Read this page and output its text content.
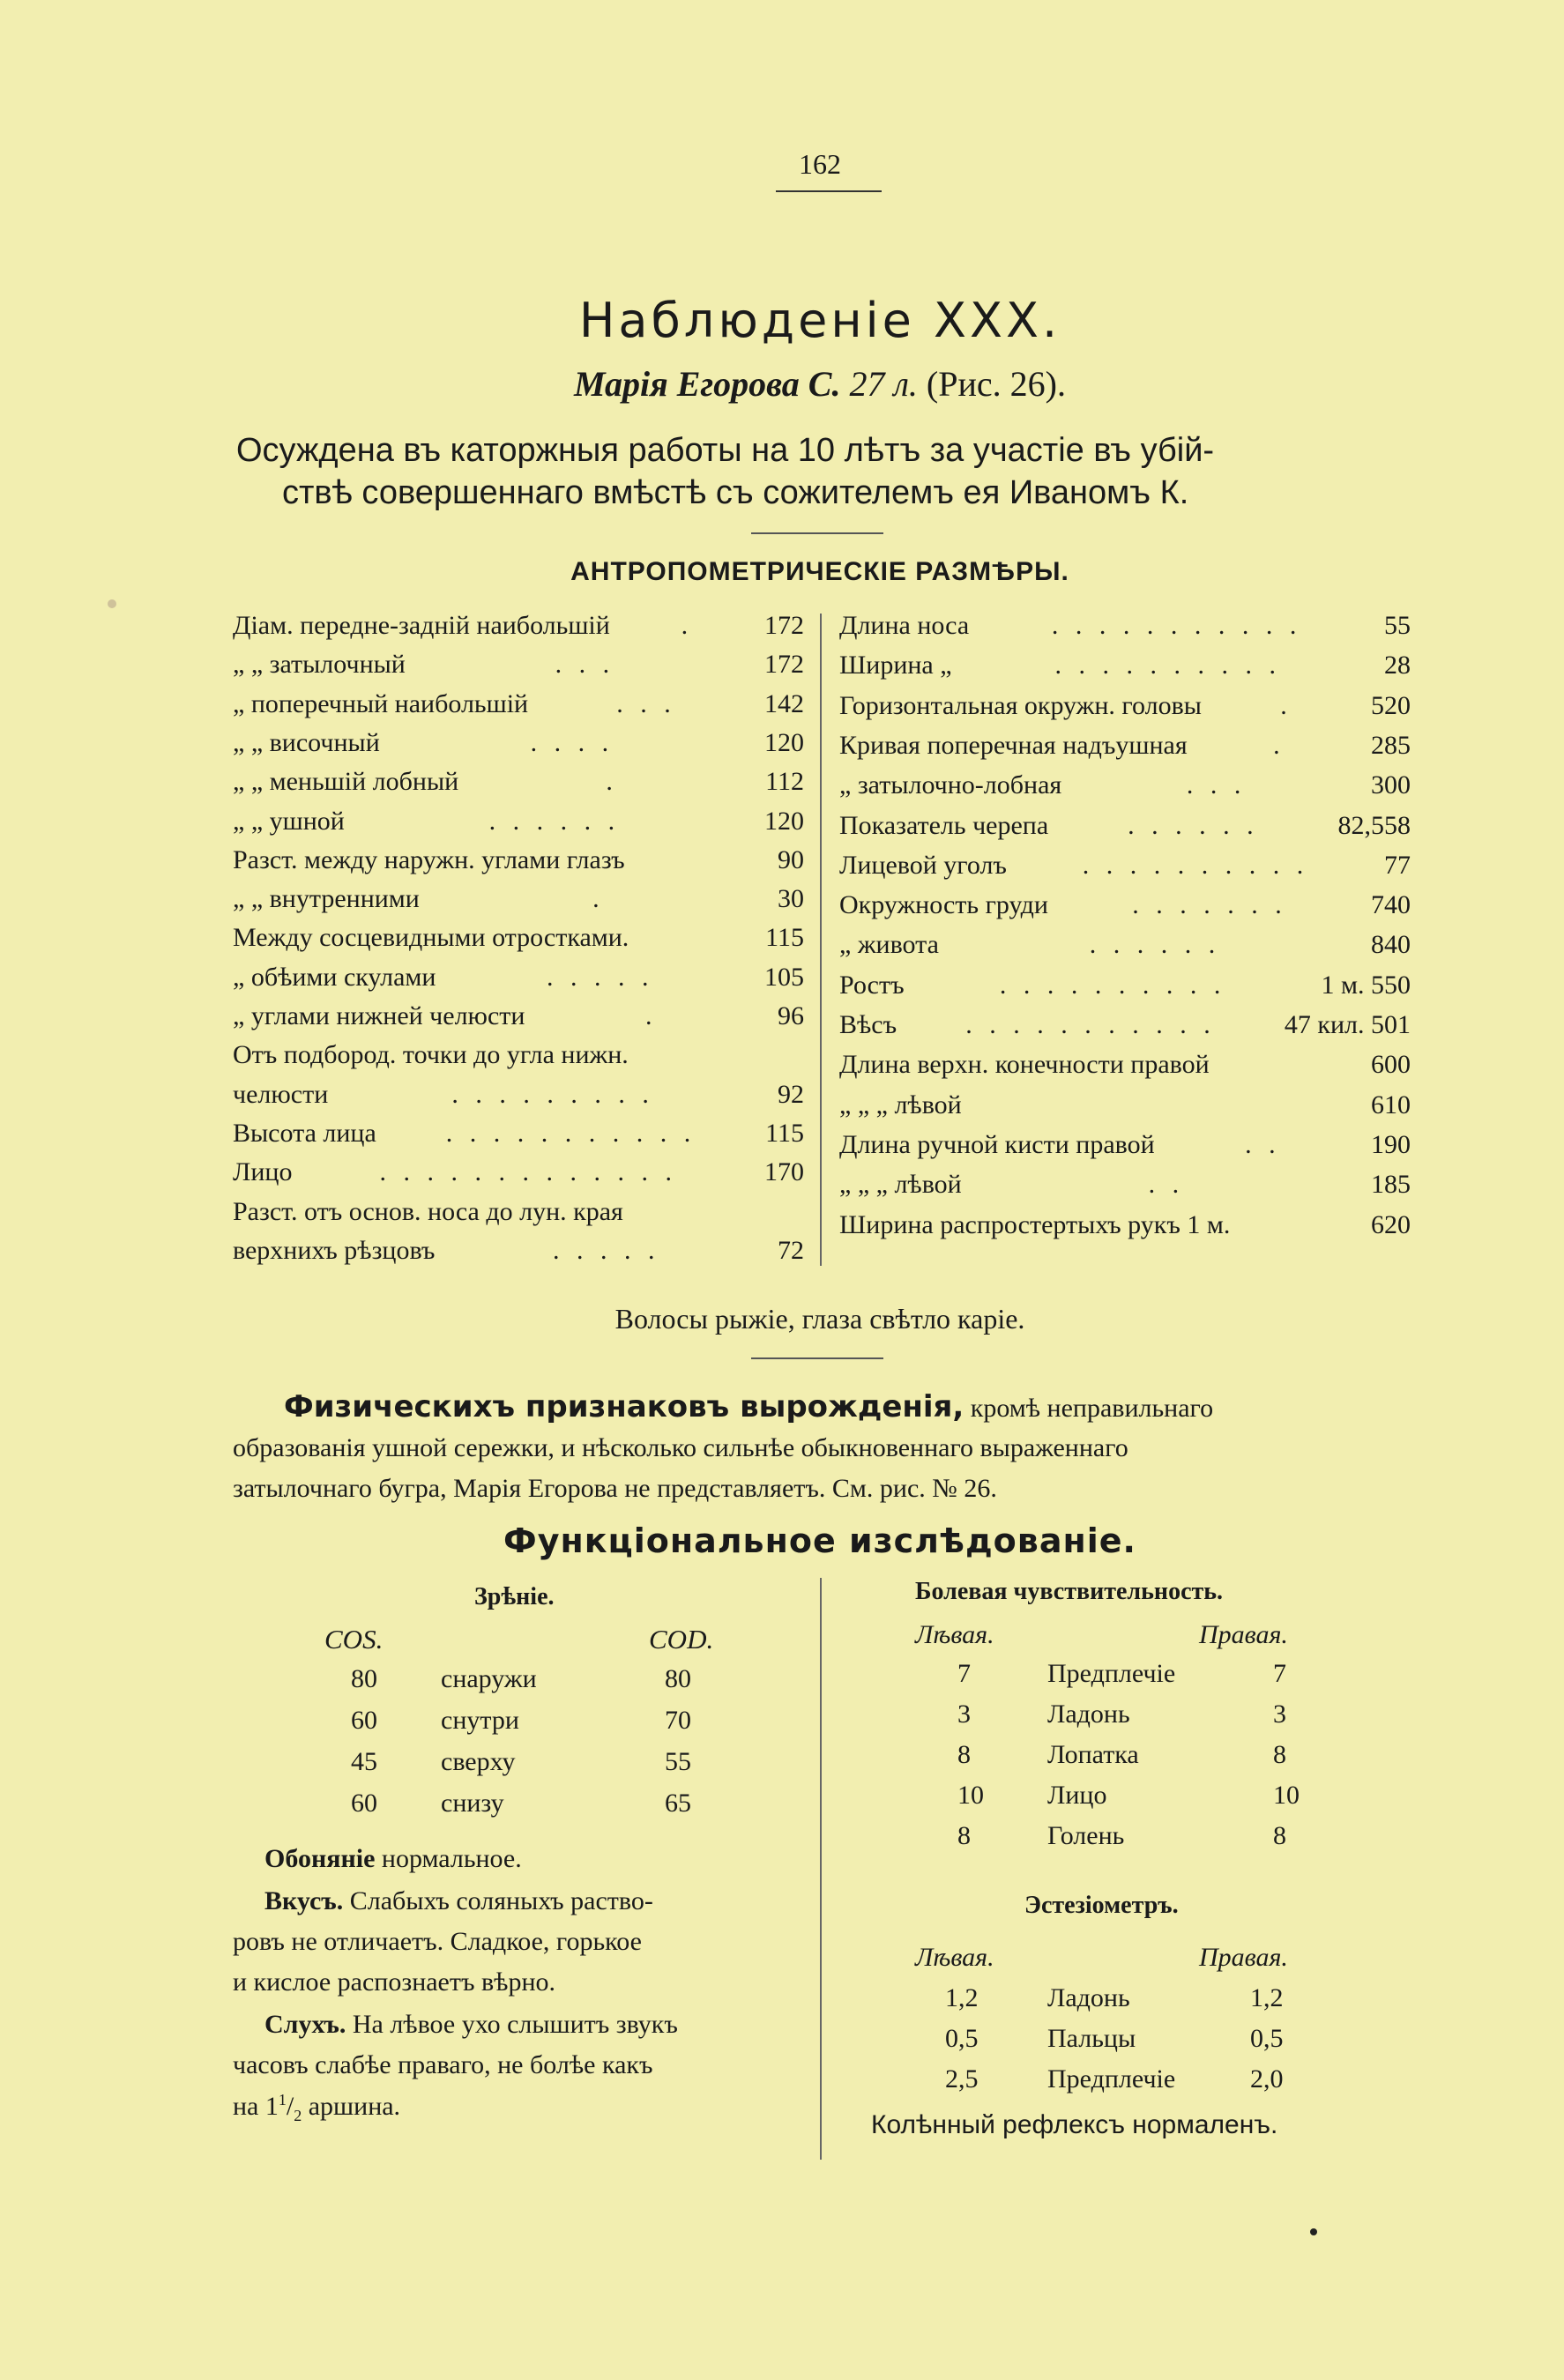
162
Наблюденіе ХХХ.
Марія Егорова С. 27 л. (Рис. 26).
Осуждена въ каторжныя работы на 10 лѣтъ за участіе въ убій-
ствѣ совершеннаго вмѣстѣ съ сожителемъ ея Иваномъ К.
АНТРОПОМЕТРИЧЕСКІЕ РАЗМѢРЫ.
Діам. передне-задній наибольшій	.	172
„ „ затылочный	. . .	172
„ поперечный наибольшій	. . .	142
„ „ височный	. . . .	120
„ „ меньшій лобный	.	112
„ „ ушной	. . . . . .	120
Разст. между наружн. углами глазъ	90
„ „ внутренними	.	30
Между сосцевидными отростками.	115
„ обѣими скулами	. . . . .	105
„ углами нижней челюсти	.	96
Отъ подбород. точки до угла нижн.
челюсти	. . . . . . . . .	92
Высота лица	. . . . . . . . . . .	115
Лицо	. . . . . . . . . . . . .	170
Разст. отъ основ. носа до лун. края
верхнихъ рѣзцовъ	. . . . .	72
Длина носа	. . . . . . . . . . .	55
Ширина „	. . . . . . . . . .	28
Горизонтальная окружн. головы	.	520
Кривая поперечная надъушная	.	285
„ затылочно-лобная	. . .	300
Показатель черепа	. . . . . .	82,558
Лицевой уголъ	. . . . . . . . . .	77
Окружность груди	. . . . . . .	740
„ живота	. . . . . .	840
Ростъ	. . . . . . . . . .	1 м. 550
Вѣсъ	. . . . . . . . . . .	47 кил. 501
Длина верхн. конечности правой	600
„ „ „ лѣвой	610
Длина ручной кисти правой	. .	190
„ „ „ лѣвой	. .	185
Ширина распростертыхъ рукъ 1 м.	620
Волосы рыжіе, глаза свѣтло каріе.
Физическихъ признаковъ вырожденія, кромѣ неправильнаго
образованія ушной сережки, и нѣсколько сильнѣе обыкновеннаго выраженнаго
затылочнаго бугра, Марія Егорова не представляетъ. См. рис. № 26.
Функціональное изслѣдованіе.
Зрѣніе.
COS.	COD.
80 снаружи	80
60 снутри	70
45 сверху	55
60 снизу	65
Обоняніе нормальное.
Вкусъ. Слабыхъ соляныхъ раство-
ровъ не отличаетъ. Сладкое, горькое
и кислое распознаетъ вѣрно.
Слухъ. На лѣвое ухо слышитъ звукъ
часовъ слабѣе праваго, не болѣе какъ
на $1^1/_2$ аршина.
Болевая чувствительность.
Лѣвая.	Правая.
7	Предплечіе	7
3	Ладонь	3
8	Лопатка	8
10 Лицо	10
8	Голень	8
Эстезіометръ.
Лѣвая.	Правая.
1,2	Ладонь	1,2
0,5	Пальцы	0,5
2,5	Предплечіе	2,0
Колѣнный рефлексъ нормаленъ.
